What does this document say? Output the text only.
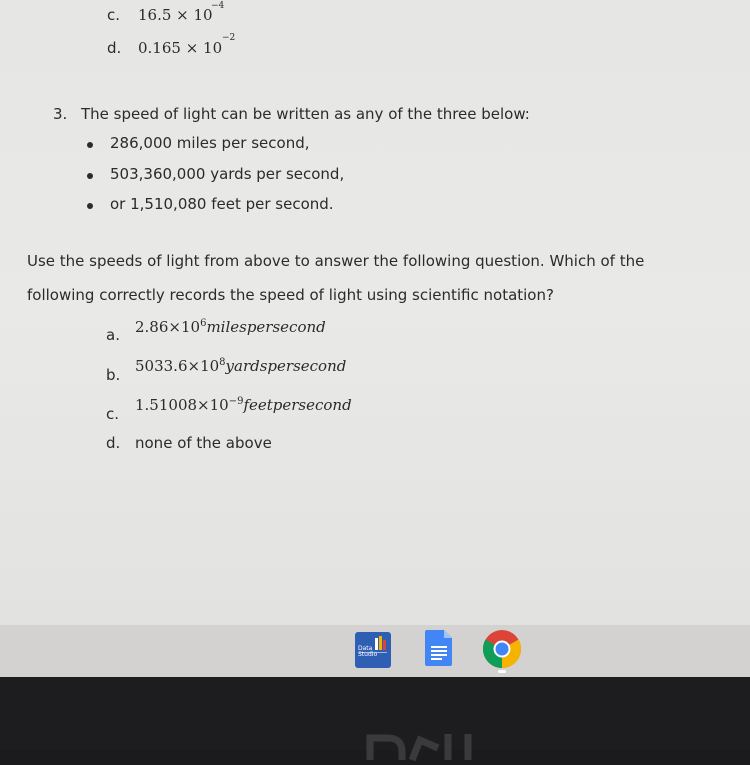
c. 16.5 × 10
−4
d. 0.165 × 10
−2
3. The speed of light can be written as any of the three below:
286,000 miles per second,
503,360,000 yards per second,
or 1,510,080 feet per second.
Use the speeds of light from above to answer the following question. Which of the
following correctly records the speed of light using scientific notation?
a. $2.86\times 10^6milespersecond$
b. $5033.6\times 10^8yardspersecond$
c. $1.51008\times 10^{-9}feetpersecond$
d. none of the above
Data
Studio
